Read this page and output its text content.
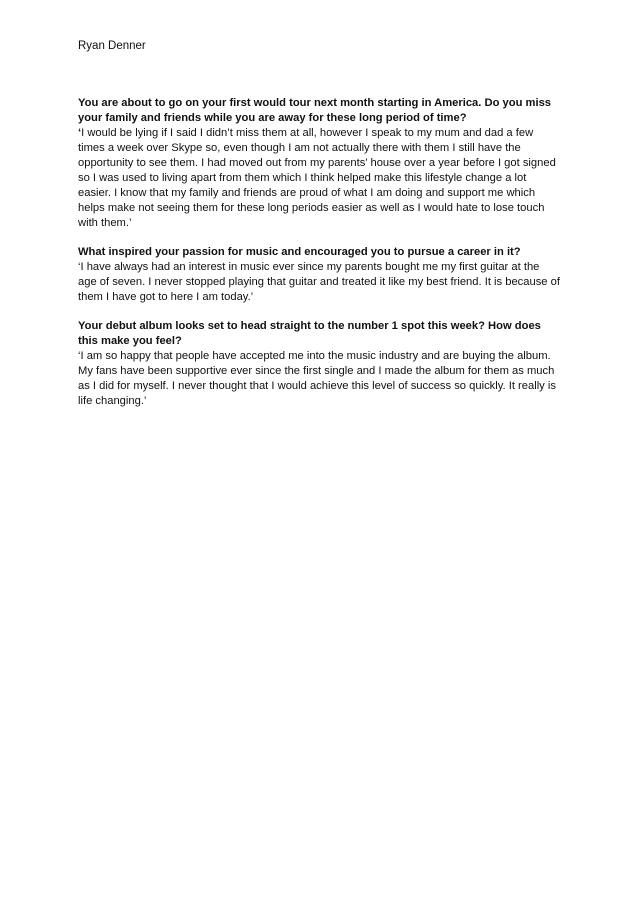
Ryan Denner

You are about to go on your first would tour next month starting in America. Do you miss your family and friends while you are away for these long period of time?

‘I would be lying if I said I didn’t miss them at all, however I speak to my mum and dad a few times a week over Skype so, even though I am not actually there with them I still have the opportunity to see them. I had moved out from my parents’ house over a year before I got signed so I was used to living apart from them which I think helped make this lifestyle change a lot easier. I know that my family and friends are proud of what I am doing and support me which helps make not seeing them for these long periods easier as well as I would hate to lose touch with them.’

What inspired your passion for music and encouraged you to pursue a career in it?

‘I have always had an interest in music ever since my parents bought me my first guitar at the age of seven. I never stopped playing that guitar and treated it like my best friend. It is because of them I have got to here I am today.’

Your debut album looks set to head straight to the number 1 spot this week? How does this make you feel?

‘I am so happy that people have accepted me into the music industry and are buying the album. My fans have been supportive ever since the first single and I made the album for them as much as I did for myself. I never thought that I would achieve this level of success so quickly. It really is life changing.’
